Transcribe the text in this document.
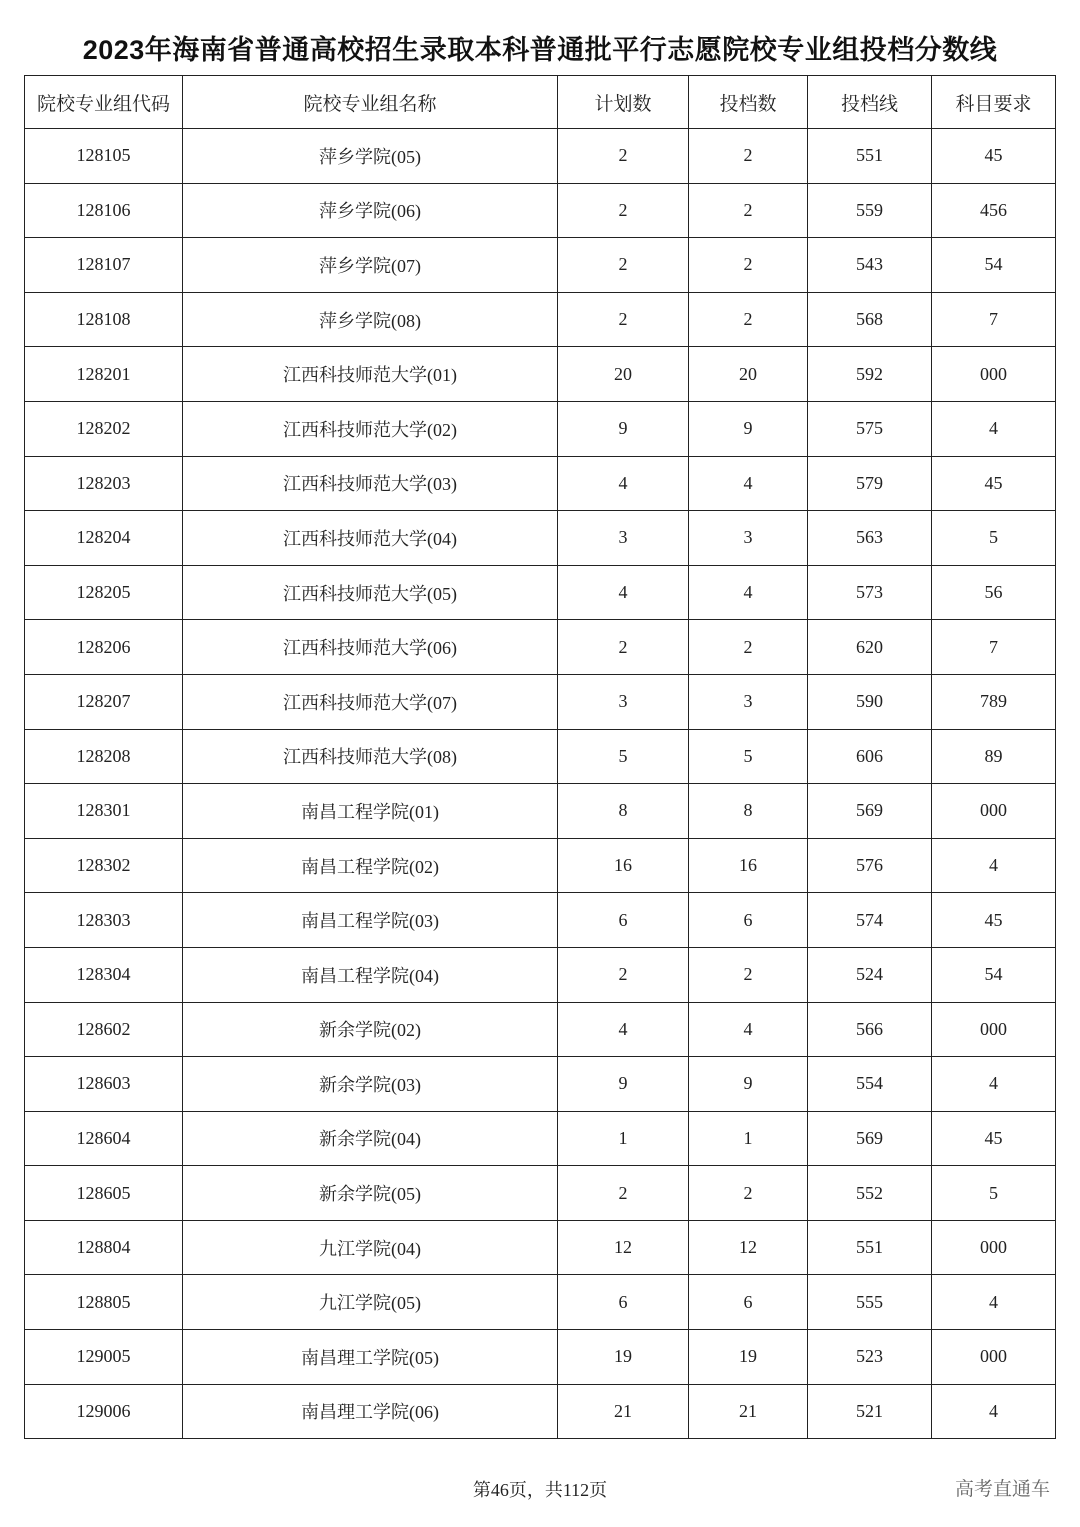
2023年海南省普通高校招生录取本科普通批平行志愿院校专业组投档分数线
院校专业组代码	院校专业组名称	计划数	投档数	投档线	科目要求
128105	萍乡学院(05)	2	2	551	45
128106	萍乡学院(06)	2	2	559	456
128107	萍乡学院(07)	2	2	543	54
128108	萍乡学院(08)	2	2	568	7
128201	江西科技师范大学(01)	20	20	592	000
128202	江西科技师范大学(02)	9	9	575	4
128203	江西科技师范大学(03)	4	4	579	45
128204	江西科技师范大学(04)	3	3	563	5
128205	江西科技师范大学(05)	4	4	573	56
128206	江西科技师范大学(06)	2	2	620	7
128207	江西科技师范大学(07)	3	3	590	789
128208	江西科技师范大学(08)	5	5	606	89
128301	南昌工程学院(01)	8	8	569	000
128302	南昌工程学院(02)	16	16	576	4
128303	南昌工程学院(03)	6	6	574	45
128304	南昌工程学院(04)	2	2	524	54
128602	新余学院(02)	4	4	566	000
128603	新余学院(03)	9	9	554	4
128604	新余学院(04)	1	1	569	45
128605	新余学院(05)	2	2	552	5
128804	九江学院(04)	12	12	551	000
128805	九江学院(05)	6	6	555	4
129005	南昌理工学院(05)	19	19	523	000
129006	南昌理工学院(06)	21	21	521	4
第46页，共112页	高考直通车
